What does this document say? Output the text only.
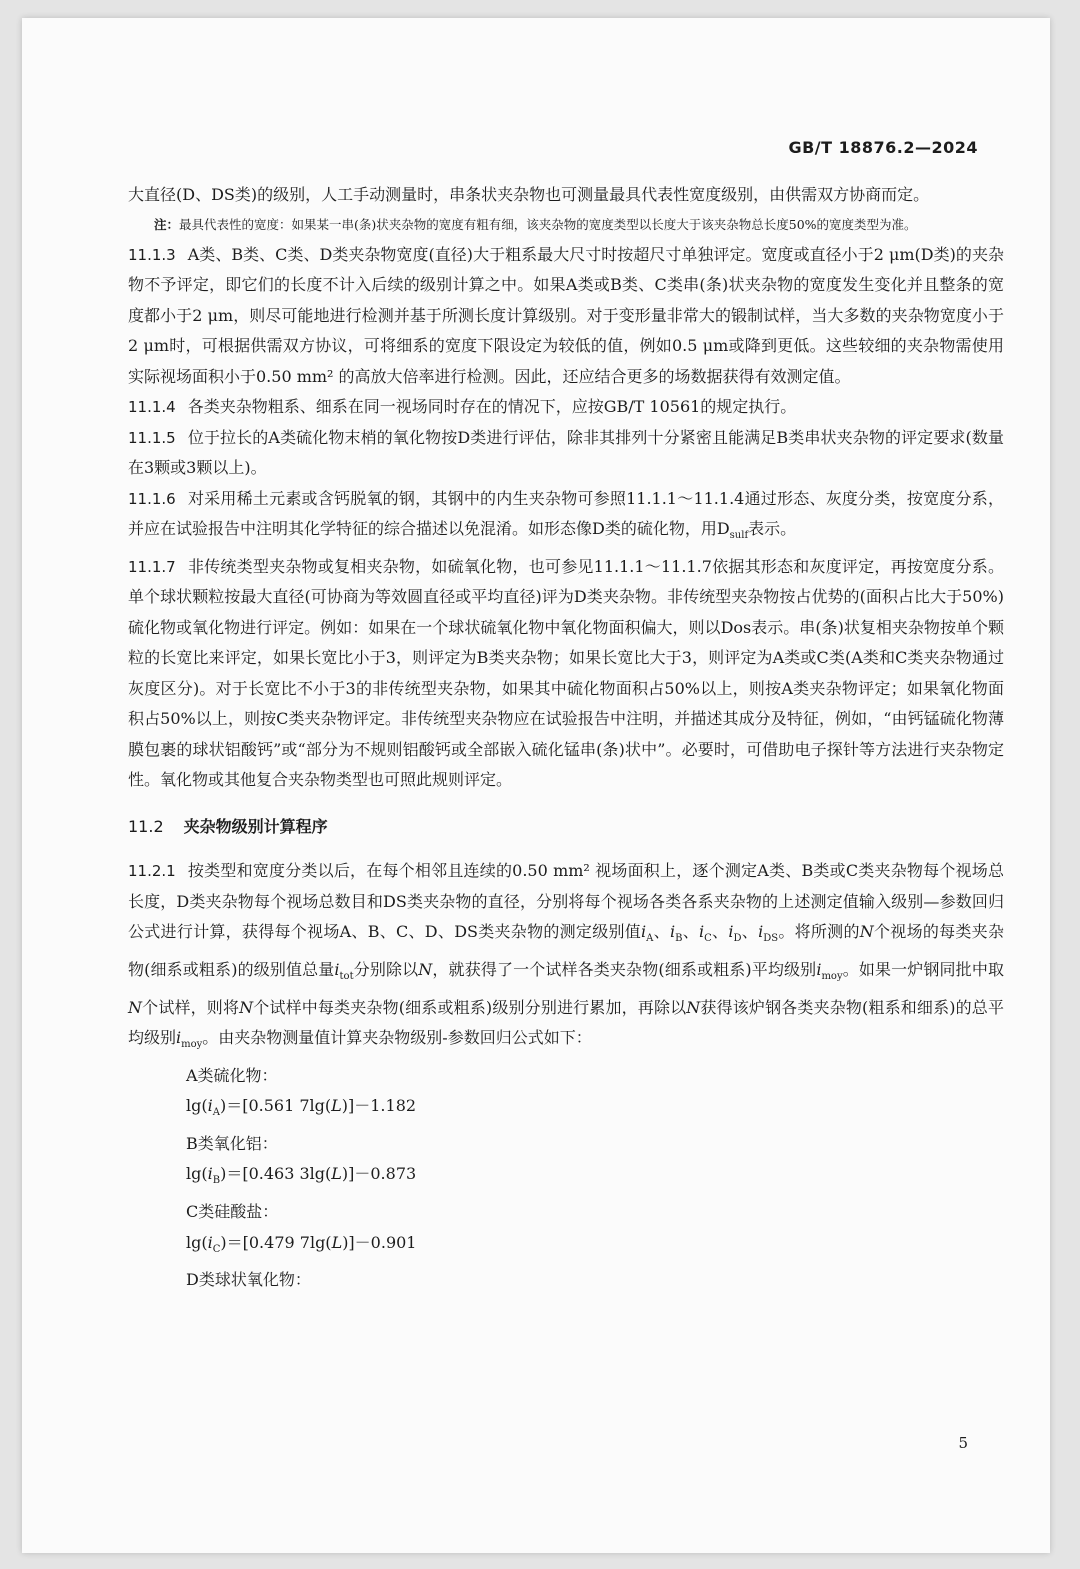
GB/T 18876.2—2024

大直径(D、DS类)的级别，人工手动测量时，串条状夹杂物也可测量最具代表性宽度级别，由供需双方协商而定。

注：最具代表性的宽度：如果某一串(条)状夹杂物的宽度有粗有细，该夹杂物的宽度类型以长度大于该夹杂物总长度50%的宽度类型为准。

11.1.3 A类、B类、C类、D类夹杂物宽度(直径)大于粗系最大尺寸时按超尺寸单独评定。宽度或直径小于2 μm(D类)的夹杂物不予评定，即它们的长度不计入后续的级别计算之中。如果A类或B类、C类串(条)状夹杂物的宽度发生变化并且整条的宽度都小于2 μm，则尽可能地进行检测并基于所测长度计算级别。对于变形量非常大的锻制试样，当大多数的夹杂物宽度小于2 μm时，可根据供需双方协议，可将细系的宽度下限设定为较低的值，例如0.5 μm或降到更低。这些较细的夹杂物需使用实际视场面积小于0.50 mm² 的高放大倍率进行检测。因此，还应结合更多的场数据获得有效测定值。

11.1.4 各类夹杂物粗系、细系在同一视场同时存在的情况下，应按GB/T 10561的规定执行。

11.1.5 位于拉长的A类硫化物末梢的氧化物按D类进行评估，除非其排列十分紧密且能满足B类串状夹杂物的评定要求(数量在3颗或3颗以上)。

11.1.6 对采用稀土元素或含钙脱氧的钢，其钢中的内生夹杂物可参照11.1.1～11.1.4通过形态、灰度分类，按宽度分系，并应在试验报告中注明其化学特征的综合描述以免混淆。如形态像D类的硫化物，用$D_{sulf}$表示。

11.1.7 非传统类型夹杂物或复相夹杂物，如硫氧化物，也可参见11.1.1～11.1.7依据其形态和灰度评定，再按宽度分系。单个球状颗粒按最大直径(可协商为等效圆直径或平均直径)评为D类夹杂物。非传统型夹杂物按占优势的(面积占比大于50%)硫化物或氧化物进行评定。例如：如果在一个球状硫氧化物中氧化物面积偏大，则以Dos表示。串(条)状复相夹杂物按单个颗粒的长宽比来评定，如果长宽比小于3，则评定为B类夹杂物；如果长宽比大于3，则评定为A类或C类(A类和C类夹杂物通过灰度区分)。对于长宽比不小于3的非传统型夹杂物，如果其中硫化物面积占50%以上，则按A类夹杂物评定；如果氧化物面积占50%以上，则按C类夹杂物评定。非传统型夹杂物应在试验报告中注明，并描述其成分及特征，例如，“由钙锰硫化物薄膜包裹的球状铝酸钙”或“部分为不规则铝酸钙或全部嵌入硫化锰串(条)状中”。必要时，可借助电子探针等方法进行夹杂物定性。氧化物或其他复合夹杂物类型也可照此规则评定。

11.2 夹杂物级别计算程序

11.2.1 按类型和宽度分类以后，在每个相邻且连续的0.50 mm² 视场面积上，逐个测定A类、B类或C类夹杂物每个视场总长度，D类夹杂物每个视场总数目和DS类夹杂物的直径，分别将每个视场各类各系夹杂物的上述测定值输入级别—参数回归公式进行计算，获得每个视场A、B、C、D、DS类夹杂物的测定级别值$i_A$、$i_B$、$i_C$、$i_D$、$i_{DS}$。将所测的N个视场的每类夹杂物(细系或粗系)的级别值总量$i_{tot}$分别除以N，就获得了一个试样各类夹杂物(细系或粗系)平均级别$i_{moy}$。如果一炉钢同批中取N个试样，则将N个试样中每类夹杂物(细系或粗系)级别分别进行累加，再除以N获得该炉钢各类夹杂物(粗系和细系)的总平均级别$i_{moy}$。由夹杂物测量值计算夹杂物级别-参数回归公式如下：

A类硫化物：

$\lg(i_A)=[0.561$ 7lg(L)]－1.182

B类氧化铝：

$\lg(i_B)=[0.463$ 3lg(L)]－0.873

C类硅酸盐：

$\lg(i_C)=[0.479$ 7lg(L)]－0.901

D类球状氧化物：

5
